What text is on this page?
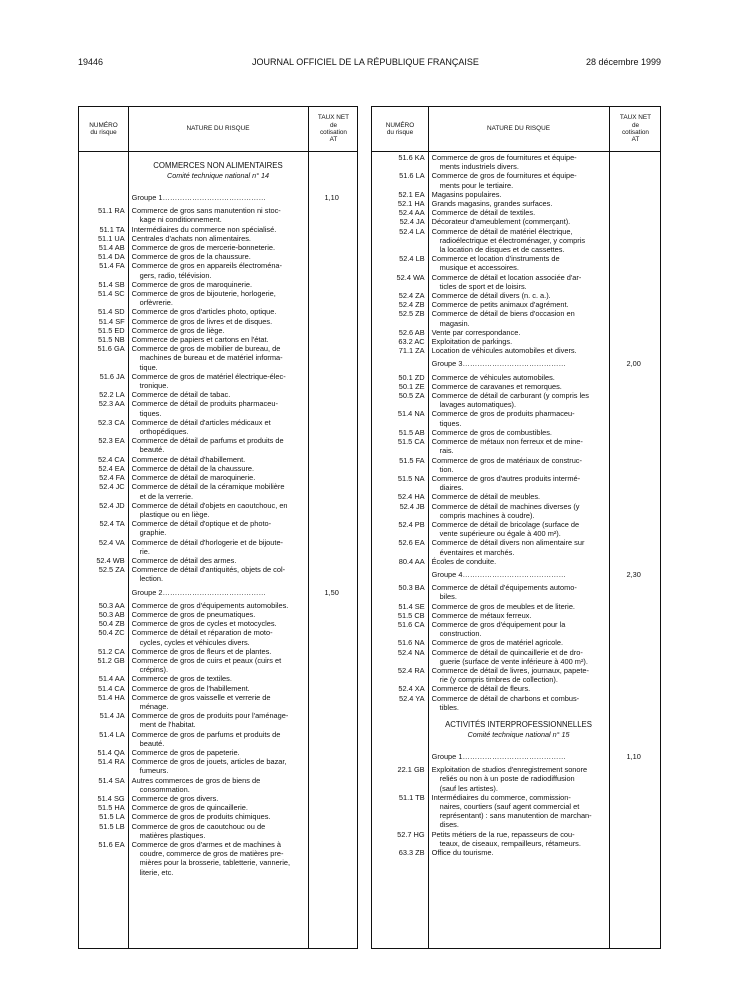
19446	JOURNAL OFFICIEL DE LA RÉPUBLIQUE FRANÇAISE	28 décembre 1999
NUMÉRO
du risque
NATURE DU RISQUE
TAUX NET
de
cotisation
AT
COMMERCES NON ALIMENTAIRES
Comité technique national n° 14
Groupe 1……………………………………	1,10
51.1 RA Commerce de gros sans manutention ni stoc-
kage ni conditionnement.
51.1 TA Intermédiaires du commerce non spécialisé.
51.1 UA Centrales d'achats non alimentaires.
51.4 AB Commerce de gros de mercerie-bonneterie.
51.4 DA Commerce de gros de la chaussure.
51.4 FA Commerce de gros en appareils électroména-
gers, radio, télévision.
51.4 SB Commerce de gros de maroquinerie.
51.4 SC Commerce de gros de bijouterie, horlogerie,
orfèvrerie.
51.4 SD Commerce de gros d'articles photo, optique.
51.4 SF Commerce de gros de livres et de disques.
51.5 ED Commerce de gros de liège.
51.5 NB Commerce de papiers et cartons en l'état.
51.6 GA Commerce de gros de mobilier de bureau, de
machines de bureau et de matériel informa-
tique.
51.6 JA Commerce de gros de matériel électrique-élec-
tronique.
52.2 LA Commerce de détail de tabac.
52.3 AA Commerce de détail de produits pharmaceu-
tiques.
52.3 CA Commerce de détail d'articles médicaux et
orthopédiques.
52.3 EA Commerce de détail de parfums et produits de
beauté.
52.4 CA Commerce de détail d'habillement.
52.4 EA Commerce de détail de la chaussure.
52.4 FA Commerce de détail de maroquinerie.
52.4 JC Commerce de détail de la céramique mobilière
et de la verrerie.
52.4 JD Commerce de détail d'objets en caoutchouc, en
plastique ou en liège.
52.4 TA Commerce de détail d'optique et de photo-
graphie.
52.4 VA Commerce de détail d'horlogerie et de bijoute-
rie.
52.4 WB Commerce de détail des armes.
52.5 ZA Commerce de détail d'antiquités, objets de col-
lection.
Groupe 2……………………………………	1,50
50.3 AA Commerce de gros d'équipements automobiles.
50.3 AB Commerce de gros de pneumatiques.
50.4 ZB Commerce de gros de cycles et motocycles.
50.4 ZC Commerce de détail et réparation de moto-
cycles, cycles et véhicules divers.
51.2 CA Commerce de gros de fleurs et de plantes.
51.2 GB Commerce de gros de cuirs et peaux (cuirs et
crépins).
51.4 AA Commerce de gros de textiles.
51.4 CA Commerce de gros de l'habillement.
51.4 HA Commerce de gros vaisselle et verrerie de
ménage.
51.4 JA Commerce de gros de produits pour l'aménage-
ment de l'habitat.
51.4 LA Commerce de gros de parfums et produits de
beauté.
51.4 QA Commerce de gros de papeterie.
51.4 RA Commerce de gros de jouets, articles de bazar,
fumeurs.
51.4 SA Autres commerces de gros de biens de
consommation.
51.4 SG Commerce de gros divers.
51.5 HA Commerce de gros de quincaillerie.
51.5 LA Commerce de gros de produits chimiques.
51.5 LB Commerce de gros de caoutchouc ou de
matières plastiques.
51.6 EA Commerce de gros d'armes et de machines à
coudre, commerce de gros de matières pre-
mières pour la brosserie, tabletterie, vannerie,
literie, etc.
NUMÉRO
du risque
NATURE DU RISQUE
TAUX NET
de
cotisation
AT
51.6 KA Commerce de gros de fournitures et équipe-
ments industriels divers.
51.6 LA Commerce de gros de fournitures et équipe-
ments pour le tertiaire.
52.1 EA Magasins populaires.
52.1 HA Grands magasins, grandes surfaces.
52.4 AA Commerce de détail de textiles.
52.4 JA Décorateur d'ameublement (commerçant).
52.4 LA Commerce de détail de matériel électrique,
radioélectrique et électroménager, y compris
la location de disques et de cassettes.
52.4 LB Commerce et location d'instruments de
musique et accessoires.
52.4 WA Commerce de détail et location associée d'ar-
ticles de sport et de loisirs.
52.4 ZA Commerce de détail divers (n. c. a.).
52.4 ZB Commerce de petits animaux d'agrément.
52.5 ZB Commerce de détail de biens d'occasion en
magasin.
52.6 AB Vente par correspondance.
63.2 AC Exploitation de parkings.
71.1 ZA Location de véhicules automobiles et divers.
Groupe 3……………………………………	2,00
50.1 ZD Commerce de véhicules automobiles.
50.1 ZE Commerce de caravanes et remorques.
50.5 ZA Commerce de détail de carburant (y compris les
lavages automatiques).
51.4 NA Commerce de gros de produits pharmaceu-
tiques.
51.5 AB Commerce de gros de combustibles.
51.5 CA Commerce de métaux non ferreux et de mine-
rais.
51.5 FA Commerce de gros de matériaux de construc-
tion.
51.5 NA Commerce de gros d'autres produits intermé-
diaires.
52.4 HA Commerce de détail de meubles.
52.4 JB Commerce de détail de machines diverses (y
compris machines à coudre).
52.4 PB Commerce de détail de bricolage (surface de
vente supérieure ou égale à 400 m²).
52.6 EA Commerce de détail divers non alimentaire sur
éventaires et marchés.
80.4 AA Écoles de conduite.
Groupe 4……………………………………	2,30
50.3 BA Commerce de détail d'équipements automo-
biles.
51.4 SE Commerce de gros de meubles et de literie.
51.5 CB Commerce de métaux ferreux.
51.6 CA Commerce de gros d'équipement pour la
construction.
51.6 NA Commerce de gros de matériel agricole.
52.4 NA Commerce de détail de quincaillerie et de dro-
guerie (surface de vente inférieure à 400 m²).
52.4 RA Commerce de détail de livres, journaux, papete-
rie (y compris timbres de collection).
52.4 XA Commerce de détail de fleurs.
52.4 YA Commerce de détail de charbons et combus-
tibles.
ACTIVITÉS INTERPROFESSIONNELLES
Comité technique national n° 15
Groupe 1……………………………………	1,10
22.1 GB Exploitation de studios d'enregistrement sonore
reliés ou non à un poste de radiodiffusion
(sauf les artistes).
51.1 TB Intermédiaires du commerce, commission-
naires, courtiers (sauf agent commercial et
représentant) : sans manutention de marchan-
dises.
52.7 HG Petits métiers de la rue, repasseurs de cou-
teaux, de ciseaux, rempailleurs, rétameurs.
63.3 ZB Office du tourisme.
